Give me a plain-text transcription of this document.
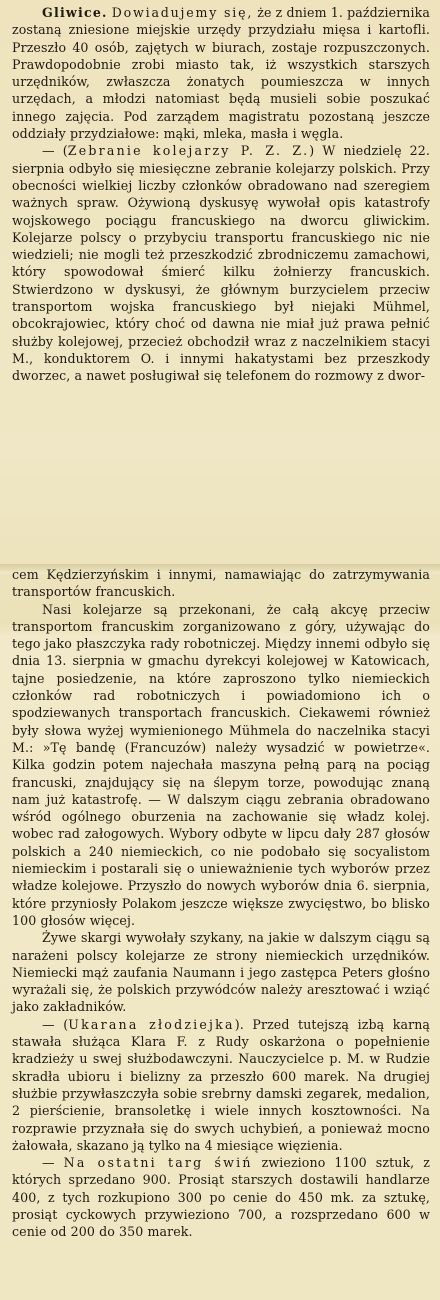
Gliwice. Dowiadujemy się, że z dniem 1. października zostaną zniesione miejskie urzędy przydziału mięsa i kartofli. Przeszło 40 osób, zajętych w biurach, zostaje rozpuszczonych. Prawdopodobnie zrobi miasto tak, iż wszystkich starszych urzędników, zwłaszcza żonatych poumieszcza w innych urzędach, a młodzi natomiast będą musieli sobie poszukać innego zajęcia. Pod zarządem magistratu pozostaną jeszcze oddziały przydziałowe: mąki, mleka, masła i węgla.

— (Zebranie kolejarzy P. Z. Z.) W niedzielę 22. sierpnia odbyło się miesięczne zebranie kolejarzy polskich. Przy obecności wielkiej liczby członków obradowano nad szeregiem ważnych spraw. Ożywioną dyskusyę wywołał opis katastrofy wojskowego pociągu francuskiego na dworcu gliwickim. Kolejarze polscy o przybyciu transportu francuskiego nic nie wiedzieli; nie mogli też przeszkodzić zbrodniczemu zamachowi, który spowodował śmierć kilku żołnierzy francuskich. Stwierdzono w dyskusyi, że głównym burzycielem przeciw transportom wojska francuskiego był niejaki Mühmel, obcokrajowiec, który choć od dawna nie miał już prawa pełnić służby kolejowej, przecież obchodził wraz z naczelnikiem stacyi M., konduktorem O. i innymi hakatystami bez przeszkody dworzec, a nawet posługiwał się telefonem do rozmowy z dwor-

cem Kędzierzyńskim i innymi, namawiając do zatrzymywania transportów francuskich.

Nasi kolejarze są przekonani, że całą akcyę przeciw transportom francuskim zorganizowano z góry, używając do tego jako płaszczyka rady robotniczej. Między innemi odbyło się dnia 13. sierpnia w gmachu dyrekcyi kolejowej w Katowicach, tajne posiedzenie, na które zaproszono tylko niemieckich członków rad robotniczych i powiadomiono ich o spodziewanych transportach francuskich. Ciekawemi również były słowa wyżej wymienionego Mühmela do naczelnika stacyi M.: »Tę bandę (Francuzów) należy wysadzić w powietrze«. Kilka godzin potem najechała maszyna pełną parą na pociąg francuski, znajdujący się na ślepym torze, powodując znaną nam już katastrofę. — W dalszym ciągu zebrania obradowano wśród ogólnego oburzenia na zachowanie się władz kolej. wobec rad załogowych. Wybory odbyte w lipcu dały 287 głosów polskich a 240 niemieckich, co nie podobało się socyalistom niemieckim i postarali się o unieważnienie tych wyborów przez władze kolejowe. Przyszło do nowych wyborów dnia 6. sierpnia, które przyniosły Polakom jeszcze większe zwycięstwo, bo blisko 100 głosów więcej.

Żywe skargi wywołały szykany, na jakie w dalszym ciągu są narażeni polscy kolejarze ze strony niemieckich urzędników. Niemiecki mąż zaufania Naumann i jego zastępca Peters głośno wyrażali się, że polskich przywódców należy aresztować i wziąć jako zakładników.

— (Ukarana złodziejka). Przed tutejszą izbą karną stawała służąca Klara F. z Rudy oskarżona o popełnienie kradzieży u swej służbodawczyni. Nauczycielce p. M. w Rudzie skradła ubioru i bielizny za przeszło 600 marek. Na drugiej służbie przywłaszczyła sobie srebrny damski zegarek, medalion, 2 pierścienie, bransoletkę i wiele innych kosztowności. Na rozprawie przyznała się do swych uchybień, a ponieważ mocno żałowała, skazano ją tylko na 4 miesiące więzienia.

— Na ostatni targ świń zwieziono 1100 sztuk, z których sprzedano 900. Prosiąt starszych dostawili handlarze 400, z tych rozkupiono 300 po cenie do 450 mk. za sztukę, prosiąt cyckowych przywieziono 700, a rozsprzedano 600 w cenie od 200 do 350 marek.
